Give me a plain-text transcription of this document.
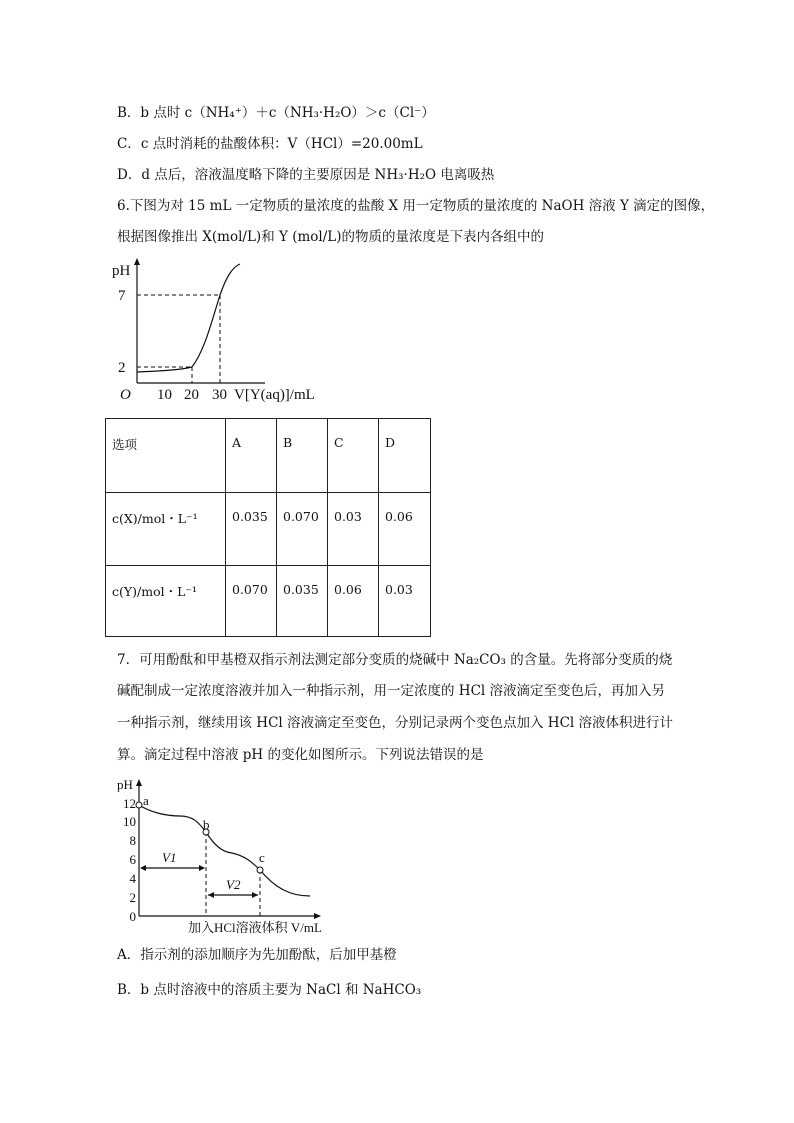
B．b 点时 c（NH₄⁺）＋c（NH₃·H₂O）＞c（Cl⁻）
C．c 点时消耗的盐酸体积：V（HCl）=20.00mL
D．d 点后，溶液温度略下降的主要原因是 NH₃·H₂O 电离吸热
6.下图为对 15 mL 一定物质的量浓度的盐酸 X 用一定物质的量浓度的 NaOH 溶液 Y 滴定的图像，
根据图像推出 X(mol/L)和 Y (mol/L)的物质的量浓度是下表内各组中的
pH
7
2
O 10 20 30 V[Y(aq)]/mL
pH
12
10
8
6
4
2
0
a
b
c
V1
V2
加入HCl溶液体积 V/mL
选项	A	B	C	D
c(X)/mol・L⁻¹	0.035	0.070	0.03	0.06
c(Y)/mol・L⁻¹	0.070	0.035	0.06	0.03
7．可用酚酞和甲基橙双指示剂法测定部分变质的烧碱中 Na₂CO₃ 的含量。先将部分变质的烧
碱配制成一定浓度溶液并加入一种指示剂，用一定浓度的 HCl 溶液滴定至变色后，再加入另
一种指示剂，继续用该 HCl 溶液滴定至变色，分别记录两个变色点加入 HCl 溶液体积进行计
算。滴定过程中溶液 pH 的变化如图所示。下列说法错误的是
A．指示剂的添加顺序为先加酚酞，后加甲基橙
B．b 点时溶液中的溶质主要为 NaCl 和 NaHCO₃
